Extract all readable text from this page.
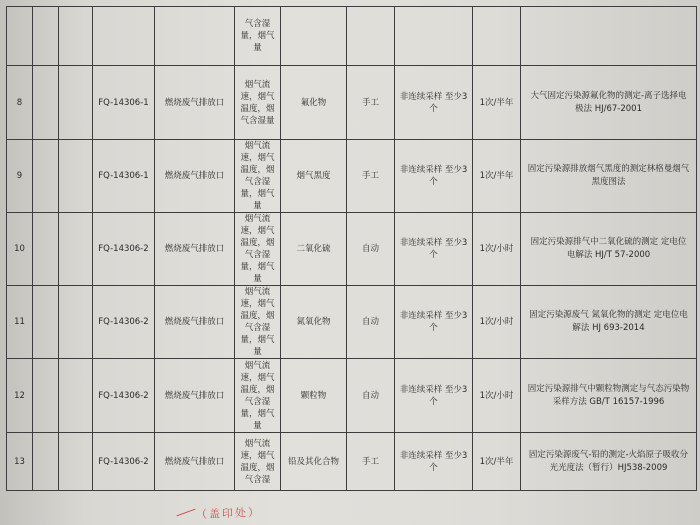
					气含湿量，烟气量					
8			FQ-14306-1	燃烧废气排放口	烟气流速，烟气温度，烟气含湿量	氟化物	手工	非连续采样 至少3个	1次/半年	大气固定污染源氟化物的测定-离子选择电极法 HJ/67-2001
9			FQ-14306-1	燃烧废气排放口	烟气流速，烟气温度，烟气含湿量，烟气量	烟气黑度	手工	非连续采样 至少3个	1次/半年	固定污染源排放烟气黑度的测定林格曼烟气黑度图法
10			FQ-14306-2	燃烧废气排放口	烟气流速，烟气温度，烟气含湿量，烟气量	二氧化硫	自动	非连续采样 至少3个	1次/小时	固定污染源排气中二氧化硫的测定 定电位电解法 HJ/T 57-2000
11			FQ-14306-2	燃烧废气排放口	烟气流速，烟气温度，烟气含湿量，烟气量	氮氧化物	自动	非连续采样 至少3个	1次/小时	固定污染源废气 氮氧化物的测定 定电位电解法 HJ 693-2014
12			FQ-14306-2	燃烧废气排放口	烟气流速，烟气温度，烟气含湿量，烟气量	颗粒物	自动	非连续采样 至少3个	1次/小时	固定污染源排气中颗粒物测定与气态污染物采样方法 GB/T 16157-1996
13			FQ-14306-2	燃烧废气排放口	烟气流速，烟气温度，烟气含湿	铅及其化合物	手工	非连续采样 至少3个	1次/半年	固定污染源废气-铅的测定-火焰原子吸收分光光度法（暂行）HJ538-2009
（盖印处）
